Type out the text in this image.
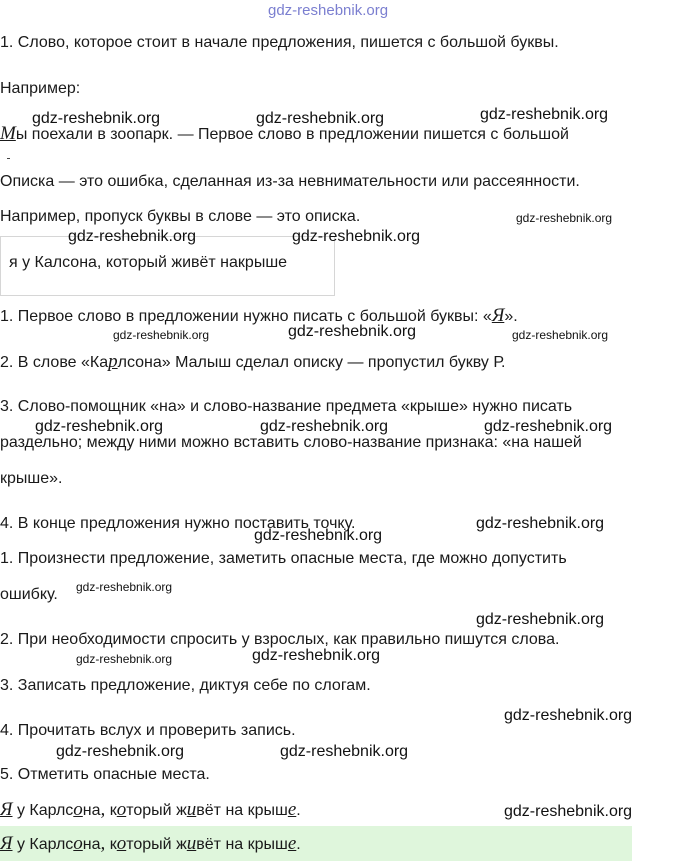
gdz-reshebnik.org
1. Слово, которое стоит в начале предложения, пишется с большой буквы.
Например:
Мы поехали в зоопарк. — Первое слово в предложении пишется с большой
Описка — это ошибка, сделанная из-за невнимательности или рассеянности.
Например, пропуск буквы в слове — это описка.
я у Калсона, который живёт накрыше
1. Первое слово в предложении нужно писать с большой буквы: «Я».
2. В слове «Карлсона» Малыш сделал описку — пропустил букву Р.
3. Слово-помощник «на» и слово-название предмета «крыше» нужно писать
раздельно; между ними можно вставить слово-название признака: «на нашей
крыше».
4. В конце предложения нужно поставить точку.
1. Произнести предложение, заметить опасные места, где можно допустить
ошибку.
2. При необходимости спросить у взрослых, как правильно пишутся слова.
3. Записать предложение, диктуя себе по слогам.
4. Прочитать вслух и проверить запись.
5. Отметить опасные места.
Я у Карлсона, который живёт на крыше.
Я у Карлсона, который живёт на крыше.
gdz-reshebnik.org	gdz-reshebnik.org	gdz-reshebnik.org
gdz-reshebnik.org
gdz-reshebnik.org	gdz-reshebnik.org
gdz-reshebnik.org	gdz-reshebnik.org	gdz-reshebnik.org
gdz-reshebnik.org	gdz-reshebnik.org	gdz-reshebnik.org
gdz-reshebnik.org
gdz-reshebnik.org
gdz-reshebnik.org
gdz-reshebnik.org
gdz-reshebnik.org	gdz-reshebnik.org
gdz-reshebnik.org
gdz-reshebnik.org	gdz-reshebnik.org
gdz-reshebnik.org
